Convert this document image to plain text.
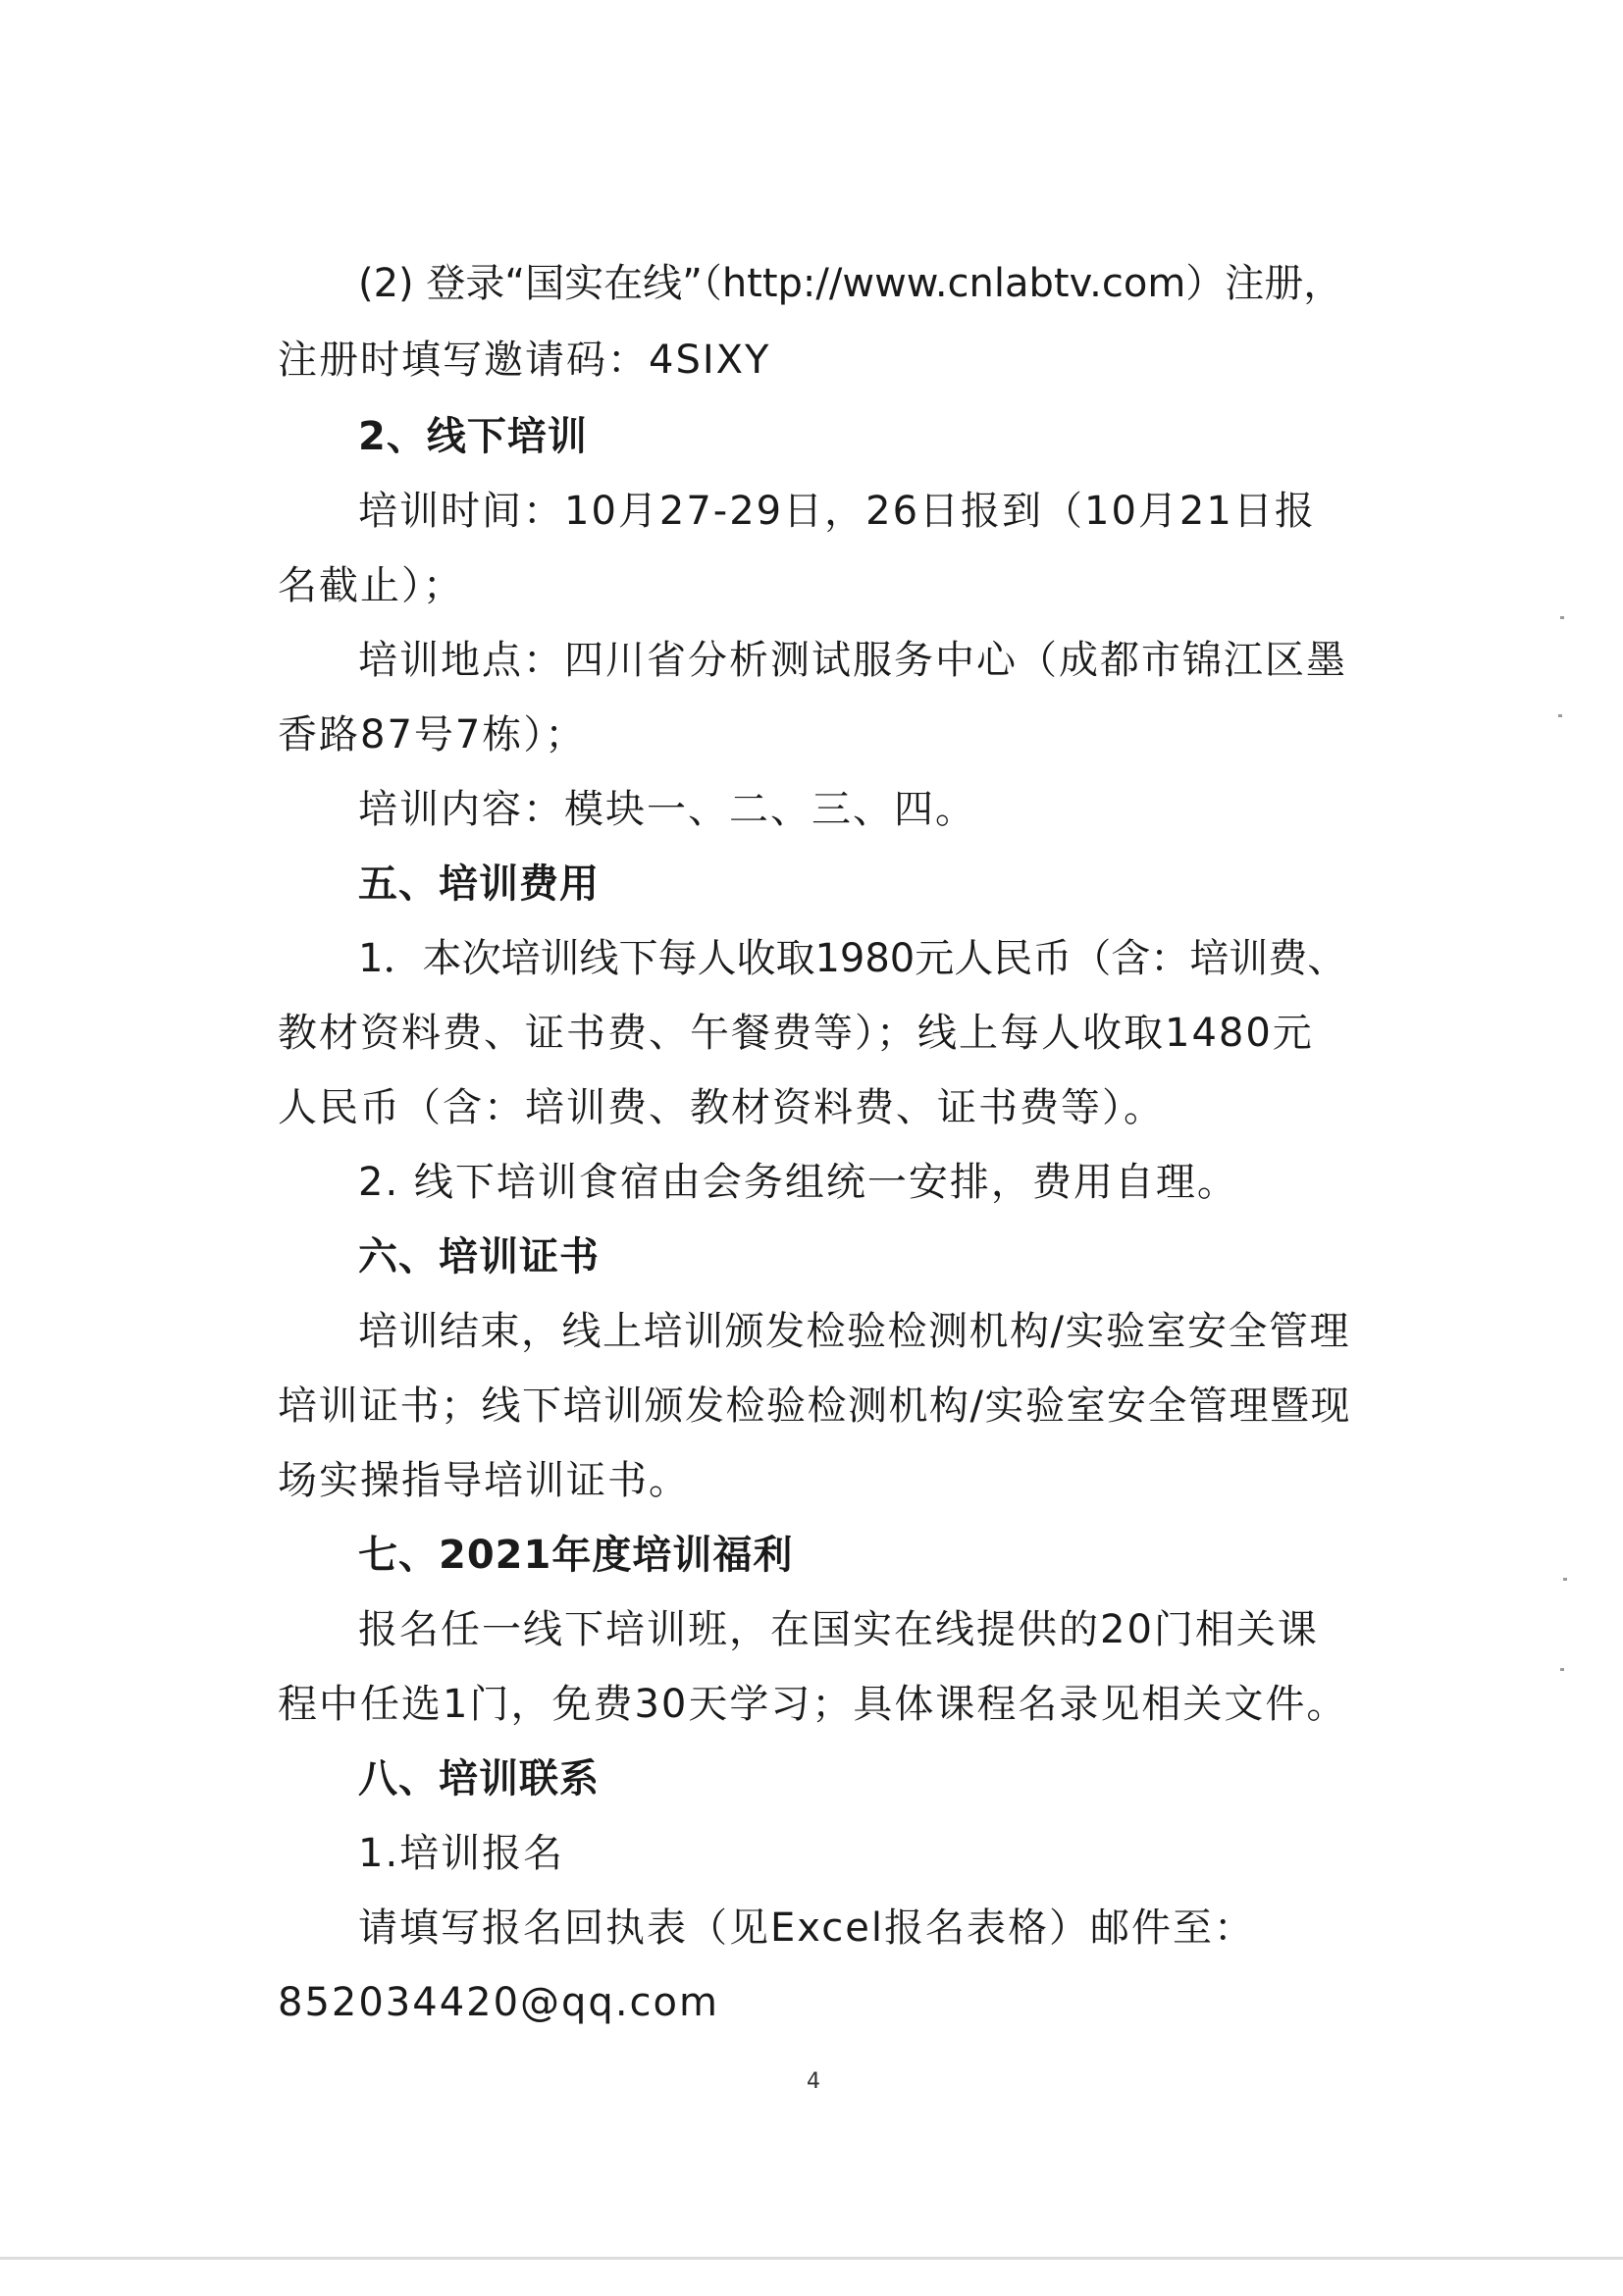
(2) 登录“国实在线”（http://www.cnlabtv.com）注册，
注册时填写邀请码：4SIXY
2、线下培训
培训时间：10月27-29日，26日报到（10月21日报
名截止）；
培训地点：四川省分析测试服务中心（成都市锦江区墨
香路87号7栋）；
培训内容：模块一、二、三、四。
五、培训费用
1．本次培训线下每人收取1980元人民币（含：培训费、
教材资料费、证书费、午餐费等）；线上每人收取1480元
人民币（含：培训费、教材资料费、证书费等）。
2. 线下培训食宿由会务组统一安排，费用自理。
六、培训证书
培训结束，线上培训颁发检验检测机构/实验室安全管理
培训证书；线下培训颁发检验检测机构/实验室安全管理暨现
场实操指导培训证书。
七、2021年度培训福利
报名任一线下培训班，在国实在线提供的20门相关课
程中任选1门，免费30天学习；具体课程名录见相关文件。
八、培训联系
1.培训报名
请填写报名回执表（见Excel报名表格）邮件至：
852034420@qq.com
4
